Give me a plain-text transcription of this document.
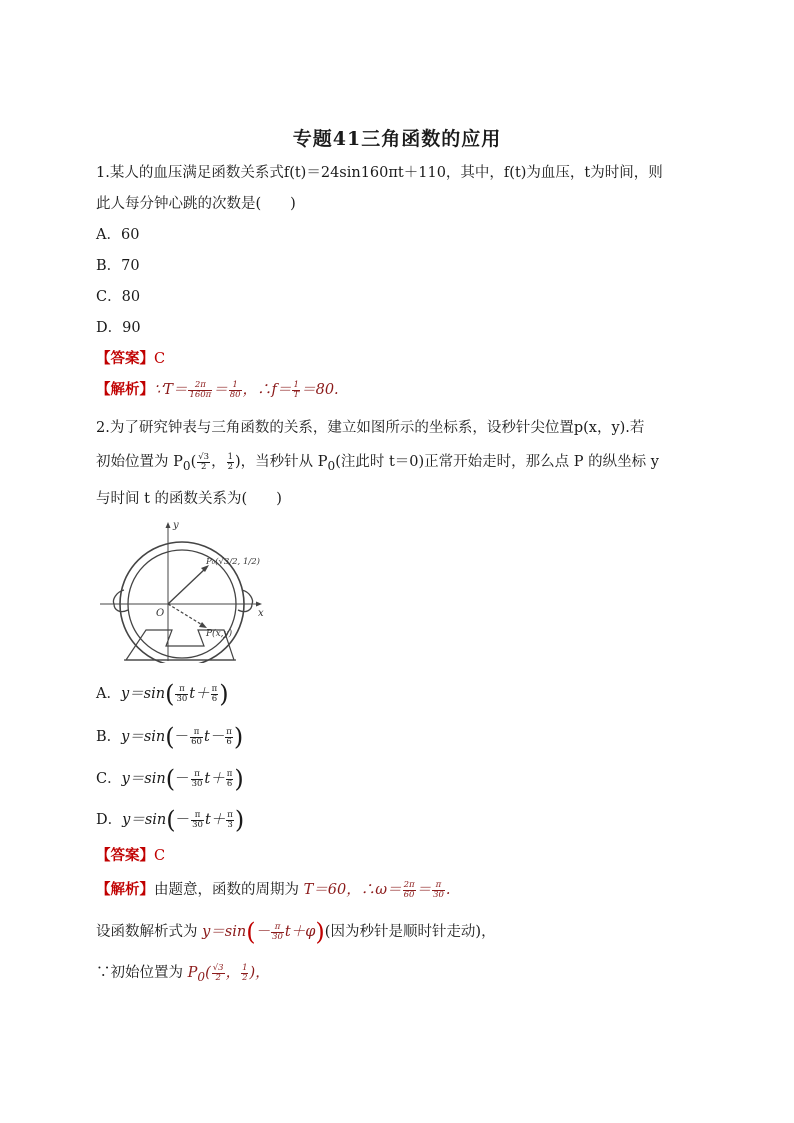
专题41三角函数的应用
1.某人的血压满足函数关系式f(t)＝24sin160πt＋110，其中，f(t)为血压，t为时间，则
此人每分钟心跳的次数是(　　)
A．60
B．70
C．80
D．90
【答案】C
【解析】∵T＝ $\frac{2\pi}{160\pi} = \frac{1}{80}$ ，∴f＝ $\frac{1}{T} =80$.
2.为了研究钟表与三角函数的关系，建立如图所示的坐标系，设秒针尖位置p(x，y).若
初始位置为 $P_0( \frac{√3}{2}$ ， $\frac{1}{2}$ )，当秒针从 $P_0$(注此时 t＝0)正常开始走时，那么点 P 的纵坐标 y
与时间 t 的函数关系为(　　)
y
x
O
P₀(√3/2, 1/2)
P(x,y)
A．$y=\sin( \frac{\pi}{30} t+ \frac{\pi}{6}$ )
B．$y=\sin(- \frac{\pi}{60} t- \frac{\pi}{6}$ )
C．$y=\sin(- \frac{\pi}{30} t+ \frac{\pi}{6}$ )
D．$y=\sin(- \frac{\pi}{30} t+ \frac{\pi}{3}$ )
【答案】C
【解析】由题意，函数的周期为 T＝60，∴ω＝ $\frac{2\pi}{60} = \frac{\pi}{30}$ .
设函数解析式为 $y=\sin(- \frac{\pi}{30} t+\varphi)$(因为秒针是顺时针走动)，
∵初始位置为 $P_0( \frac{√3}{2}$ ， $\frac{1}{2}$ )，
